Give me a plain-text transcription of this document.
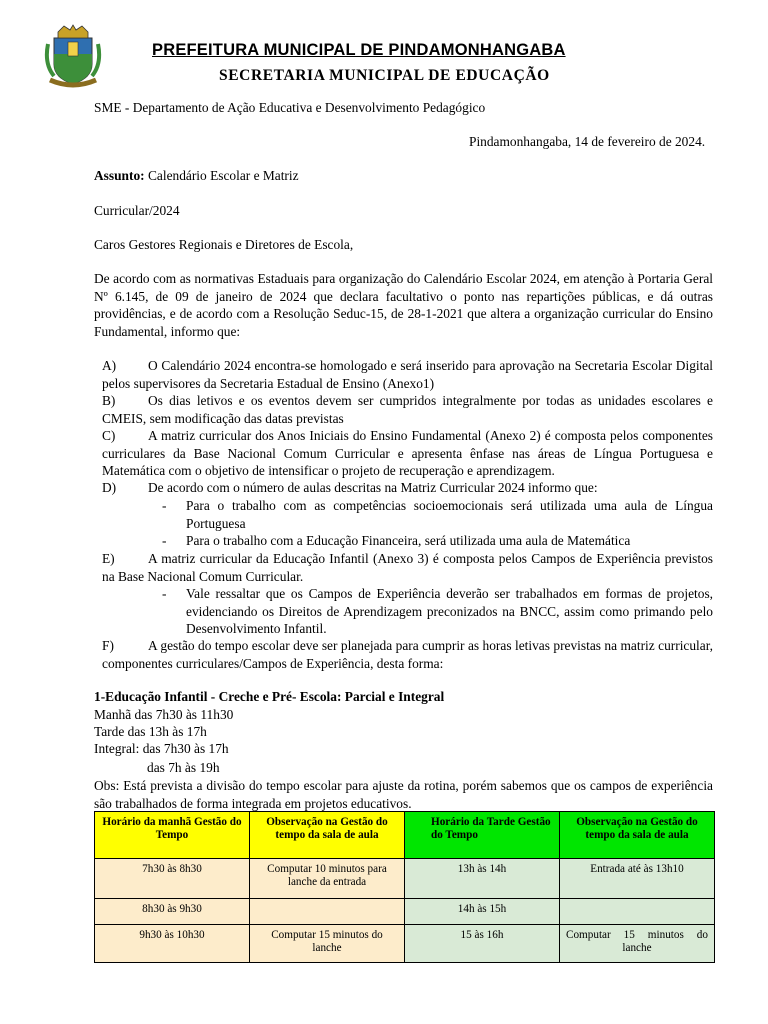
PREFEITURA MUNICIPAL DE PINDAMONHANGABA
SECRETARIA MUNICIPAL DE EDUCAÇÃO
SME - Departamento de Ação Educativa e Desenvolvimento Pedagógico
Pindamonhangaba, 14 de fevereiro de 2024.
Assunto: Calendário Escolar e Matriz
Curricular/2024
Caros Gestores Regionais e Diretores de Escola,
De acordo com as normativas Estaduais para organização do Calendário Escolar 2024, em atenção à Portaria Geral Nº 6.145, de 09 de janeiro de 2024 que declara facultativo o ponto nas repartições públicas, e dá outras providências, e de acordo com a Resolução Seduc-15, de 28-1-2021 que altera a organização curricular do Ensino Fundamental, informo que:
A)	O Calendário 2024 encontra-se homologado e será inserido para aprovação na Secretaria Escolar Digital pelos supervisores da Secretaria Estadual de Ensino (Anexo1)
B)	Os dias letivos e os eventos devem ser cumpridos integralmente por todas as unidades escolares e CMEIS, sem modificação das datas previstas
C)	A matriz curricular dos Anos Iniciais do Ensino Fundamental (Anexo 2) é composta pelos componentes curriculares da Base Nacional Comum Curricular e apresenta ênfase nas áreas de Língua Portuguesa e Matemática com o objetivo de intensificar o projeto de recuperação e aprendizagem.
D)	De acordo com o número de aulas descritas na Matriz Curricular 2024 informo que:
- Para o trabalho com as competências socioemocionais será utilizada uma aula de Língua Portuguesa
- Para o trabalho com a Educação Financeira, será utilizada uma aula de Matemática
E)	A matriz curricular da Educação Infantil (Anexo 3) é composta pelos Campos de Experiência previstos na Base Nacional Comum Curricular.
- Vale ressaltar que os Campos de Experiência deverão ser trabalhados em formas de projetos, evidenciando os Direitos de Aprendizagem preconizados na BNCC, assim como primando pelo Desenvolvimento Infantil.
F)	A gestão do tempo escolar deve ser planejada para cumprir as horas letivas previstas na matriz curricular, componentes curriculares/Campos de Experiência, desta forma:
1-Educação Infantil - Creche e Pré- Escola: Parcial e Integral
Manhã das 7h30 às 11h30
Tarde das 13h às 17h
Integral: das 7h30 às 17h
das 7h às 19h
Obs: Está prevista a divisão do tempo escolar para ajuste da rotina, porém sabemos que os campos de experiência são trabalhados de forma integrada em projetos educativos.
Horário da manhã Gestão do Tempo	Observação na Gestão do tempo da sala de aula	Horário da Tarde Gestão do Tempo	Observação na Gestão do tempo da sala de aula
7h30 às 8h30	Computar 10 minutos para lanche da entrada	13h às 14h	Entrada até às 13h10
8h30 às 9h30		14h às 15h	
9h30 às 10h30	Computar 15 minutos do lanche	15 às 16h	Computar 15 minutos do lanche
